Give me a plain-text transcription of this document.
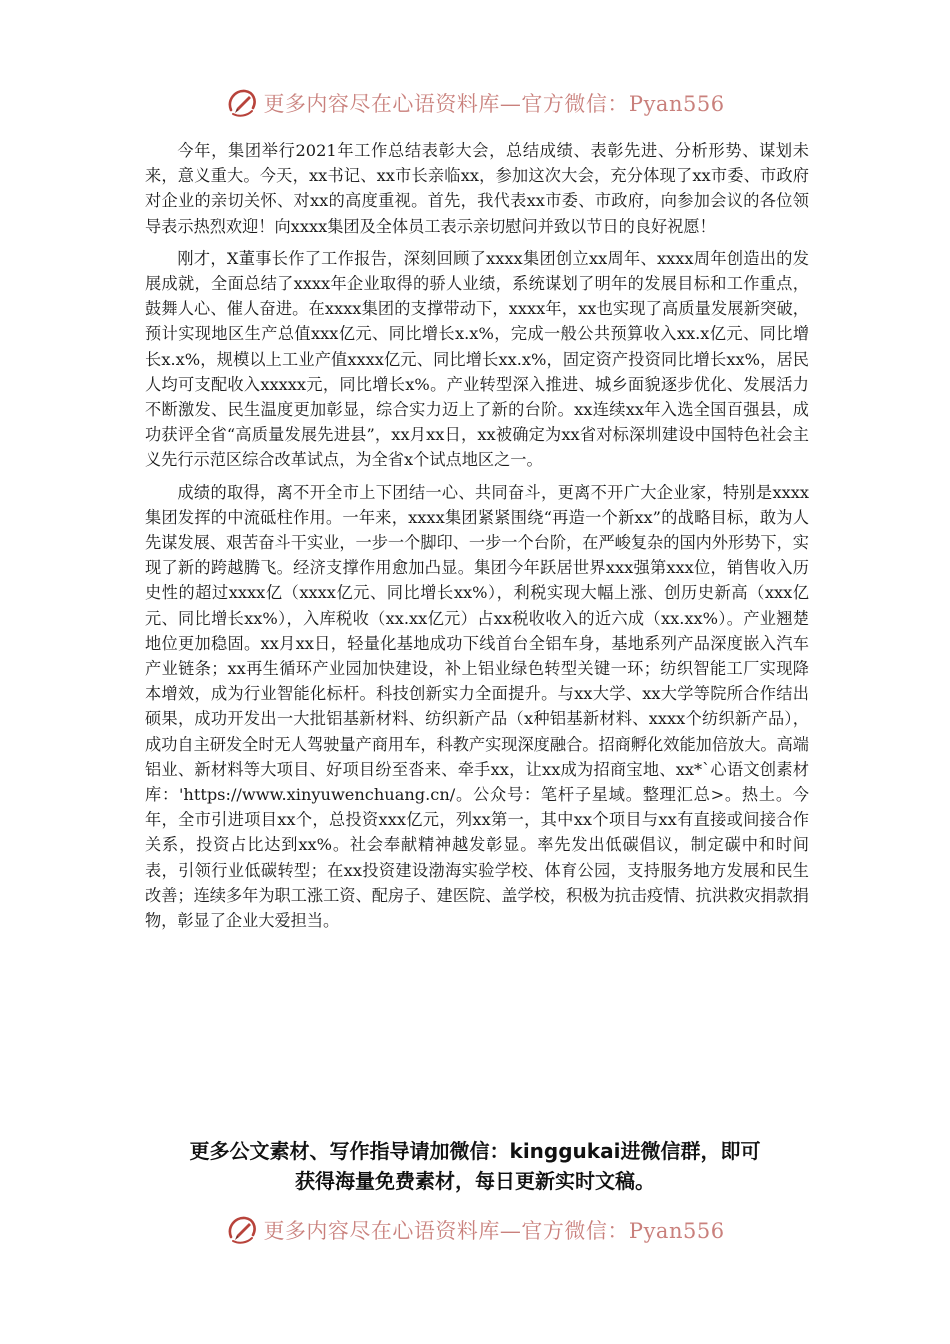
更多内容尽在心语资料库—官方微信：Pyan556

今年，集团举行2021年工作总结表彰大会，总结成绩、表彰先进、分析形势、谋划未来，意义重大。今天，xx书记、xx市长亲临xx，参加这次大会，充分体现了xx市委、市政府对企业的亲切关怀、对xx的高度重视。首先，我代表xx市委、市政府，向参加会议的各位领导表示热烈欢迎！向xxxx集团及全体员工表示亲切慰问并致以节日的良好祝愿！

刚才，X董事长作了工作报告，深刻回顾了xxxx集团创立xx周年、xxxx周年创造出的发展成就，全面总结了xxxx年企业取得的骄人业绩，系统谋划了明年的发展目标和工作重点，鼓舞人心、催人奋进。在xxxx集团的支撑带动下，xxxx年，xx也实现了高质量发展新突破，预计实现地区生产总值xxx亿元、同比增长x.x%，完成一般公共预算收入xx.x亿元、同比增长x.x%，规模以上工业产值xxxx亿元、同比增长xx.x%，固定资产投资同比增长xx%，居民人均可支配收入xxxxx元，同比增长x%。产业转型深入推进、城乡面貌逐步优化、发展活力不断激发、民生温度更加彰显，综合实力迈上了新的台阶。xx连续xx年入选全国百强县，成功获评全省“高质量发展先进县”，xx月xx日，xx被确定为xx省对标深圳建设中国特色社会主义先行示范区综合改革试点，为全省x个试点地区之一。

成绩的取得，离不开全市上下团结一心、共同奋斗，更离不开广大企业家，特别是xxxx集团发挥的中流砥柱作用。一年来，xxxx集团紧紧围绕“再造一个新xx”的战略目标，敢为人先谋发展、艰苦奋斗干实业，一步一个脚印、一步一个台阶，在严峻复杂的国内外形势下，实现了新的跨越腾飞。经济支撑作用愈加凸显。集团今年跃居世界xxx强第xxx位，销售收入历史性的超过xxxx亿（xxxx亿元、同比增长xx%），利税实现大幅上涨、创历史新高（xxx亿元、同比增长xx%），入库税收（xx.xx亿元）占xx税收收入的近六成（xx.xx%）。产业翘楚地位更加稳固。xx月xx日，轻量化基地成功下线首台全铝车身，基地系列产品深度嵌入汽车产业链条；xx再生循环产业园加快建设，补上铝业绿色转型关键一环；纺织智能工厂实现降本增效，成为行业智能化标杆。科技创新实力全面提升。与xx大学、xx大学等院所合作结出硕果，成功开发出一大批铝基新材料、纺织新产品（x种铝基新材料、xxxx个纺织新产品），成功自主研发全时无人驾驶量产商用车，科教产实现深度融合。招商孵化效能加倍放大。高端铝业、新材料等大项目、好项目纷至沓来、牵手xx，让xx成为招商宝地、xx*`心语文创素材库：'https://www.xinyuwenchuang.cn/。公众号：笔杆子星域。整理汇总>。热土。今年，全市引进项目xx个，总投资xxx亿元，列xx第一，其中xx个项目与xx有直接或间接合作关系，投资占比达到xx%。社会奉献精神越发彰显。率先发出低碳倡议，制定碳中和时间表，引领行业低碳转型；在xx投资建设渤海实验学校、体育公园，支持服务地方发展和民生改善；连续多年为职工涨工资、配房子、建医院、盖学校，积极为抗击疫情、抗洪救灾捐款捐物，彰显了企业大爱担当。

更多公文素材、写作指导请加微信：kinggukai进微信群，即可
获得海量免费素材，每日更新实时文稿。
更多内容尽在心语资料库—官方微信：Pyan556
